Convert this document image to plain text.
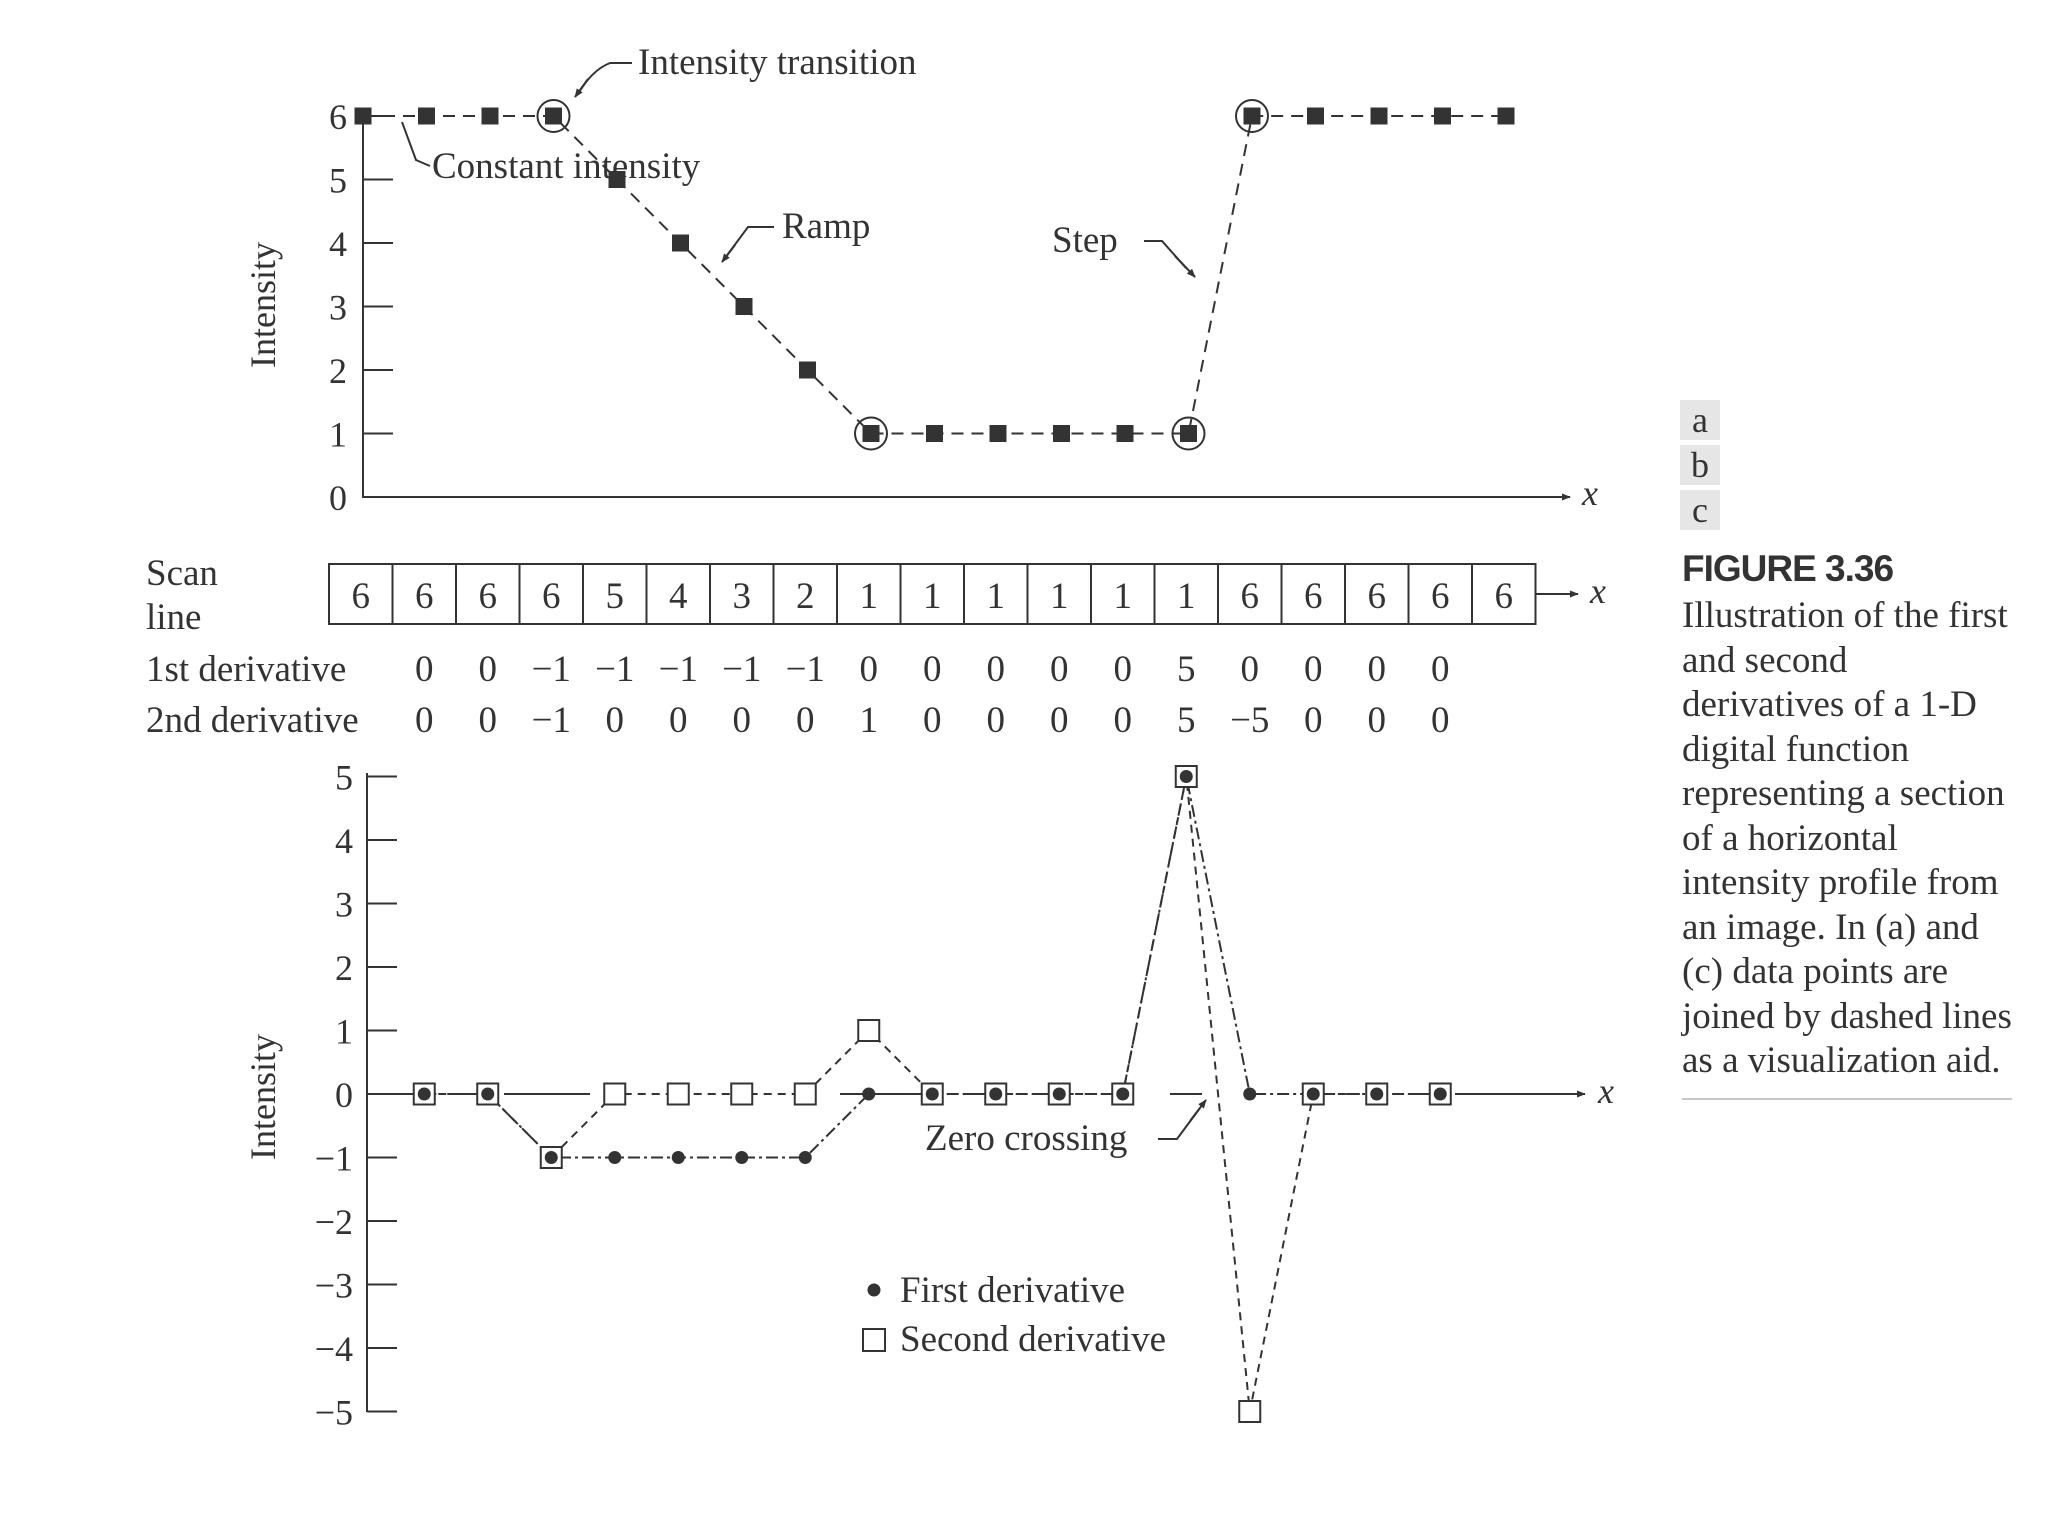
0
1
2
3
4
5
6
Intensity
x
Intensity transition
Constant intensity
Ramp	Step
x
Scan line
1st derivative
2nd derivative
6 6 6 6 5 4 3 2 1 1 1 1 1 1 6 6 6 6 6
0 0 −1 −1 −1 −1 −1 0 0 0 0 0 5 0 0 0 0
0 0 −1 0 0 0 0 1 0 0 0 0 5 −5 0 0 0
−5
−4
−3
−2
−1
0
1
2
3
4
5
Intensity	x
Zero crossing
First derivative
Second derivative
a
b
c
FIGURE 3.36
Illustration of the first and second derivatives of a 1-D digital function representing a section of a horizontal intensity profile from an image. In (a) and (c) data points are joined by dashed lines as a visualization aid.
